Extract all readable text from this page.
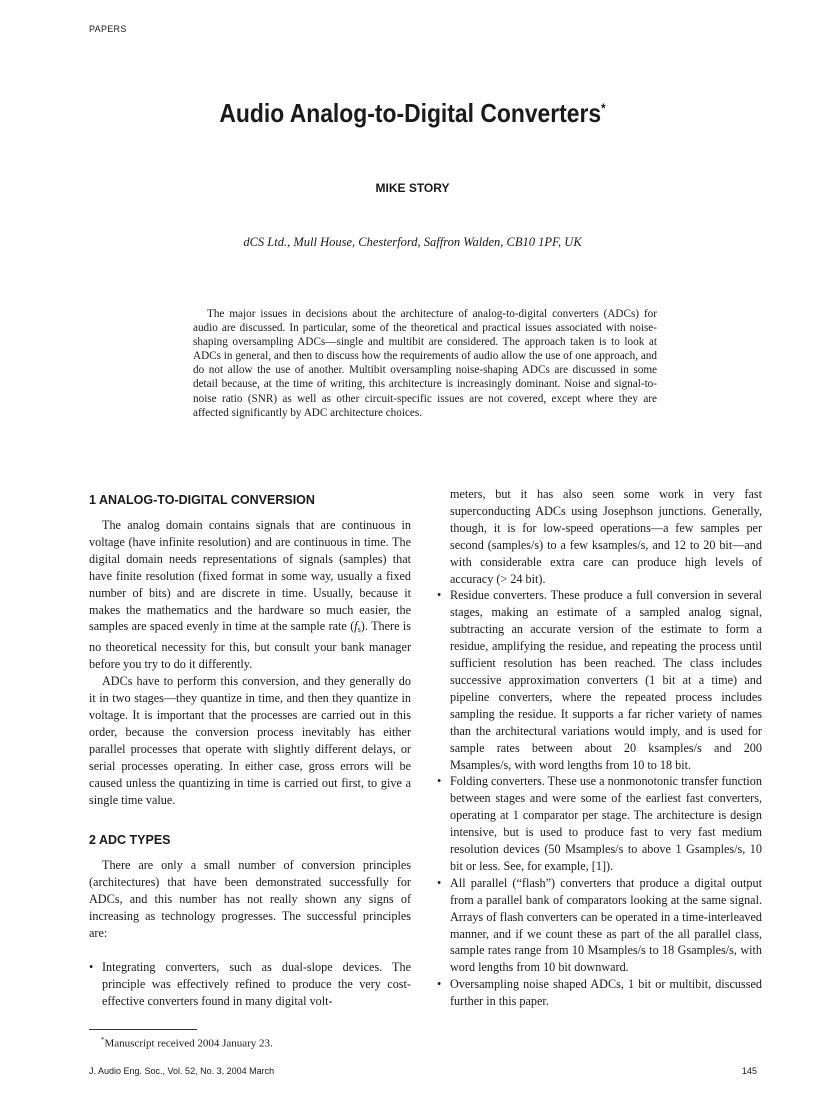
PAPERS
Audio Analog-to-Digital Converters*
MIKE STORY
dCS Ltd., Mull House, Chesterford, Saffron Walden, CB10 1PF, UK

The major issues in decisions about the architecture of analog-to-digital converters (ADCs) for audio are discussed. In particular, some of the theoretical and practical issues associated with noise-shaping oversampling ADCs—single and multibit are considered. The approach taken is to look at ADCs in general, and then to discuss how the requirements of audio allow the use of one approach, and do not allow the use of another. Multibit oversampling noise-shaping ADCs are discussed in some detail because, at the time of writing, this architecture is increasingly dominant. Noise and signal-to-noise ratio (SNR) as well as other circuit-specific issues are not covered, except where they are affected significantly by ADC architecture choices.

1 ANALOG-TO-DIGITAL CONVERSION

The analog domain contains signals that are continuous in voltage (have infinite resolution) and are continuous in time. The digital domain needs representations of signals (samples) that have finite resolution (fixed format in some way, usually a fixed number of bits) and are discrete in time. Usually, because it makes the mathematics and the hardware so much easier, the samples are spaced evenly in time at the sample rate $(f_s)$. There is no theoretical necessity for this, but consult your bank manager before you try to do it differently.

ADCs have to perform this conversion, and they generally do it in two stages—they quantize in time, and then they quantize in voltage. It is important that the processes are carried out in this order, because the conversion process inevitably has either parallel processes that operate with slightly different delays, or serial processes operating. In either case, gross errors will be caused unless the quantizing in time is carried out first, to give a single time value.

2 ADC TYPES

There are only a small number of conversion principles (architectures) that have been demonstrated successfully for ADCs, and this number has not really shown any signs of increasing as technology progresses. The successful principles are:

• Integrating converters, such as dual-slope devices. The principle was effectively refined to produce the very cost-effective converters found in many digital volt-
meters, but it has also seen some work in very fast superconducting ADCs using Josephson junctions. Generally, though, it is for low-speed operations—a few samples per second (samples/s) to a few ksamples/s, and 12 to 20 bit—and with considerable extra care can produce high levels of accuracy (> 24 bit).
• Residue converters. These produce a full conversion in several stages, making an estimate of a sampled analog signal, subtracting an accurate version of the estimate to form a residue, amplifying the residue, and repeating the process until sufficient resolution has been reached. The class includes successive approximation converters (1 bit at a time) and pipeline converters, where the repeated process includes sampling the residue. It supports a far richer variety of names than the architectural variations would imply, and is used for sample rates between about 20 ksamples/s and 200 Msamples/s, with word lengths from 10 to 18 bit.
• Folding converters. These use a nonmonotonic transfer function between stages and were some of the earliest fast converters, operating at 1 comparator per stage. The architecture is design intensive, but is used to produce fast to very fast medium resolution devices (50 Msamples/s to above 1 Gsamples/s, 10 bit or less. See, for example, [1]).
• All parallel (“flash”) converters that produce a digital output from a parallel bank of comparators looking at the same signal. Arrays of flash converters can be operated in a time-interleaved manner, and if we count these as part of the all parallel class, sample rates range from 10 Msamples/s to 18 Gsamples/s, with word lengths from 10 bit downward.
• Oversampling noise shaped ADCs, 1 bit or multibit, discussed further in this paper.
*Manuscript received 2004 January 23.
J. Audio Eng. Soc., Vol. 52, No. 3, 2004 March	145
